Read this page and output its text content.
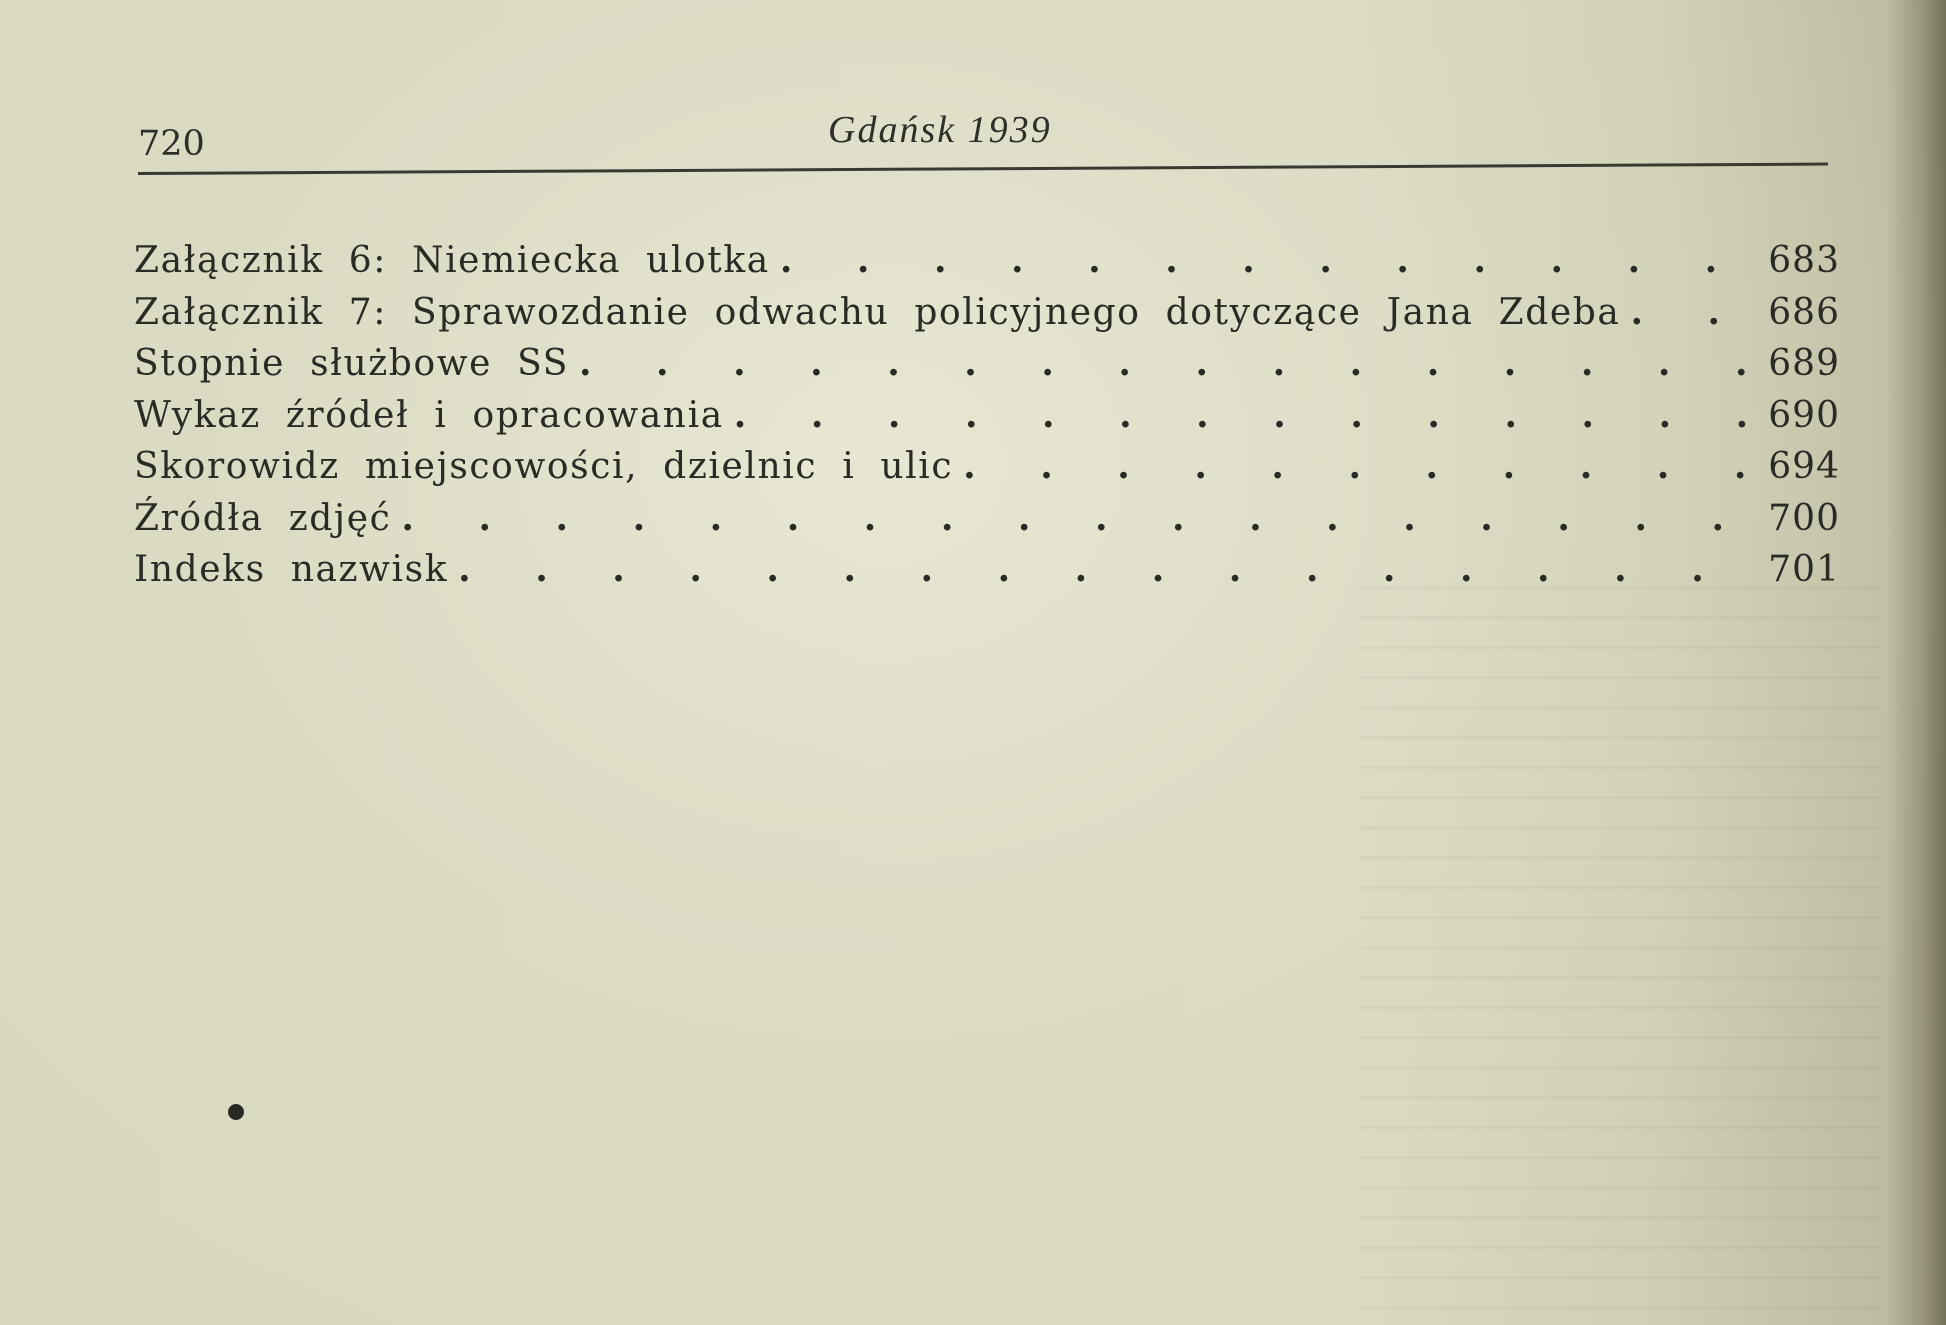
720	Gdańsk 1939
Załącznik 6: Niemiecka ulotka . . .	683
Załącznik 7: Sprawozdanie odwachu policyjnego dotyczące Jana Zdeba . . .	686
Stopnie służbowe SS . . .	689
Wykaz źródeł i opracowania . . .	690
Skorowidz miejscowości, dzielnic i ulic . . .	694
Źródła zdjęć . . .	700
Indeks nazwisk . . .	701
